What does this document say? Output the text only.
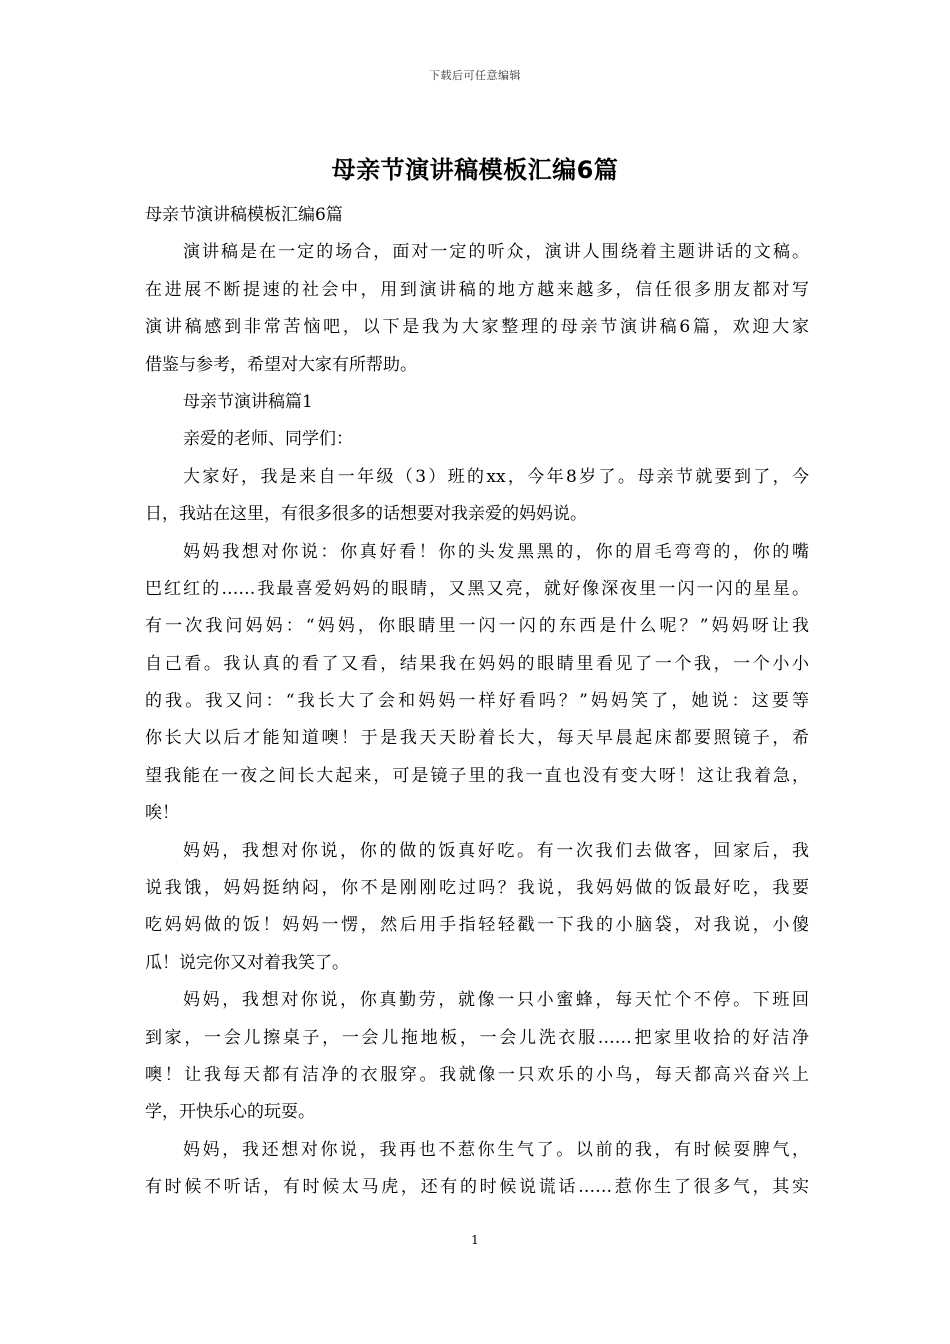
下载后可任意编辑
母亲节演讲稿模板汇编6篇
母亲节演讲稿模板汇编6篇
演讲稿是在一定的场合，面对一定的听众，演讲人围绕着主题讲话的文稿。
在进展不断提速的社会中，用到演讲稿的地方越来越多，信任很多朋友都对写
演讲稿感到非常苦恼吧，以下是我为大家整理的母亲节演讲稿6篇，欢迎大家
借鉴与参考，希望对大家有所帮助。
母亲节演讲稿篇1
亲爱的老师、同学们：
大家好，我是来自一年级（3）班的xx，今年8岁了。母亲节就要到了，今
日，我站在这里，有很多很多的话想要对我亲爱的妈妈说。
妈妈我想对你说：你真好看！你的头发黑黑的，你的眉毛弯弯的，你的嘴
巴红红的……我最喜爱妈妈的眼睛，又黑又亮，就好像深夜里一闪一闪的星星。
有一次我问妈妈：“妈妈，你眼睛里一闪一闪的东西是什么呢？”妈妈呀让我
自己看。我认真的看了又看，结果我在妈妈的眼睛里看见了一个我，一个小小
的我。我又问：“我长大了会和妈妈一样好看吗？”妈妈笑了，她说：这要等
你长大以后才能知道噢！于是我天天盼着长大，每天早晨起床都要照镜子，希
望我能在一夜之间长大起来，可是镜子里的我一直也没有变大呀！这让我着急，
唉！
妈妈，我想对你说，你的做的饭真好吃。有一次我们去做客，回家后，我
说我饿，妈妈挺纳闷，你不是刚刚吃过吗？我说，我妈妈做的饭最好吃，我要
吃妈妈做的饭！妈妈一愣，然后用手指轻轻戳一下我的小脑袋，对我说，小傻
瓜！说完你又对着我笑了。
妈妈，我想对你说，你真勤劳，就像一只小蜜蜂，每天忙个不停。下班回
到家，一会儿擦桌子，一会儿拖地板，一会儿洗衣服……把家里收拾的好洁净
噢！让我每天都有洁净的衣服穿。我就像一只欢乐的小鸟，每天都高兴奋兴上
学，开快乐心的玩耍。
妈妈，我还想对你说，我再也不惹你生气了。以前的我，有时候耍脾气，
有时候不听话，有时候太马虎，还有的时候说谎话……惹你生了很多气，其实
1
